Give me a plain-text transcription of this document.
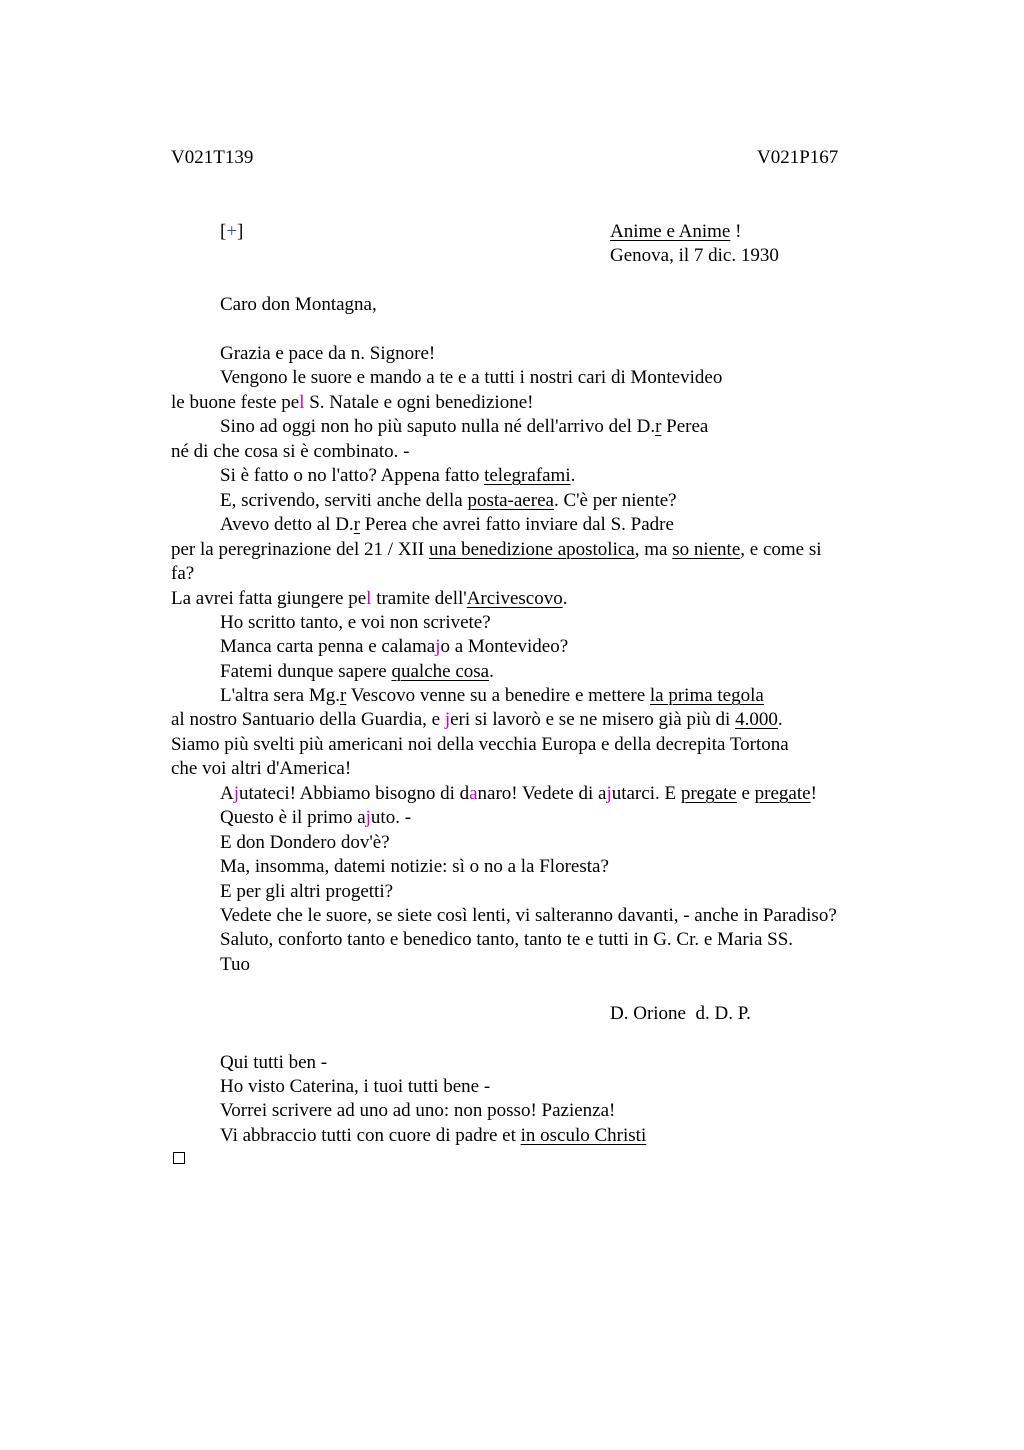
V021T139	V021P167
[+]	Anime e Anime !
Genova, il 7 dic. 1930
Caro don Montagna,
Grazia e pace da n. Signore!
Vengono le suore e mando a te e a tutti i nostri cari di Montevideo
le buone feste pel S. Natale e ogni benedizione!
Sino ad oggi non ho più saputo nulla né dell'arrivo del D.r Perea
né di che cosa si è combinato. -
Si è fatto o no l'atto? Appena fatto telegrafami.
E, scrivendo, serviti anche della posta-aerea. C'è per niente?
Avevo detto al D.r Perea che avrei fatto inviare dal S. Padre
per la peregrinazione del 21 / XII una benedizione apostolica, ma so niente, e come si
fa?
La avrei fatta giungere pel tramite dell'Arcivescovo.
Ho scritto tanto, e voi non scrivete?
Manca carta penna e calamajo a Montevideo?
Fatemi dunque sapere qualche cosa.
L'altra sera Mg.r Vescovo venne su a benedire e mettere la prima tegola
al nostro Santuario della Guardia, e jeri si lavorò e se ne misero già più di 4.000.
Siamo più svelti più americani noi della vecchia Europa e della decrepita Tortona
che voi altri d'America!
Ajutateci! Abbiamo bisogno di danaro! Vedete di ajutarci. E pregate e pregate!
Questo è il primo ajuto. -
E don Dondero dov'è?
Ma, insomma, datemi notizie: sì o no a la Floresta?
E per gli altri progetti?
Vedete che le suore, se siete così lenti, vi salteranno davanti, - anche in Paradiso?
Saluto, conforto tanto e benedico tanto, tanto te e tutti in G. Cr. e Maria SS.
Tuo
D. Orione  d. D. P.
Qui tutti ben -
Ho visto Caterina, i tuoi tutti bene -
Vorrei scrivere ad uno ad uno: non posso! Pazienza!
Vi abbraccio tutti con cuore di padre et in osculo Christi
